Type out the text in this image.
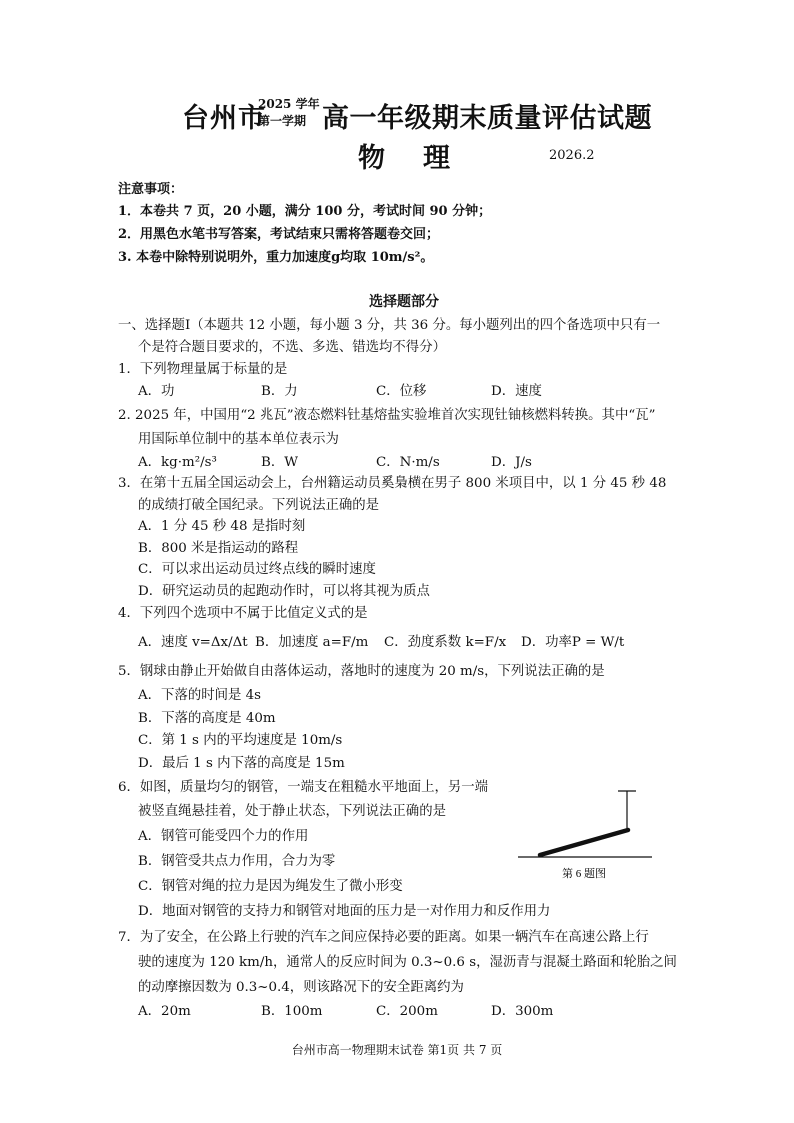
台州市
2025 学年
第一学期 高一年级期末质量评估试题
物理	2026.2
注意事项：
1．本卷共 7 页，20 小题，满分 100 分，考试时间 90 分钟；
2．用黑色水笔书写答案，考试结束只需将答题卷交回；
3. 本卷中除特别说明外，重力加速度g均取 10m/s²。
选择题部分
一、选择题Ⅰ（本题共 12 小题，每小题 3 分，共 36 分。每小题列出的四个备选项中只有一
个是符合题目要求的，不选、多选、错选均不得分）
1．下列物理量属于标量的是
A．功	B．力	C．位移	D．速度
2. 2025 年，中国用“2 兆瓦”液态燃料钍基熔盐实验堆首次实现钍铀核燃料转换。其中“瓦”
用国际单位制中的基本单位表示为
A．kg·m²/s³	B．W	C．N·m/s	D．J/s
3．在第十五届全国运动会上，台州籍运动员奚梟横在男子 800 米项目中，以 1 分 45 秒 48
的成绩打破全国纪录。下列说法正确的是
A．1 分 45 秒 48 是指时刻
B．800 米是指运动的路程
C．可以求出运动员过终点线的瞬时速度
D．研究运动员的起跑动作时，可以将其视为质点
4．下列四个选项中不属于比值定义式的是
A．速度 v=Δx/Δt B．加速度 a=F/m C．劲度系数 k=F/x D．功率P = W/t
5．钢球由静止开始做自由落体运动，落地时的速度为 20 m/s，下列说法正确的是
A．下落的时间是 4s
B．下落的高度是 40m
C．第 1 s 内的平均速度是 10m/s
D．最后 1 s 内下落的高度是 15m
6．如图，质量均匀的钢管，一端支在粗糙水平地面上，另一端
被竖直绳悬挂着，处于静止状态，下列说法正确的是
A．钢管可能受四个力的作用
B．钢管受共点力作用，合力为零
C．钢管对绳的拉力是因为绳发生了微小形变
D．地面对钢管的支持力和钢管对地面的压力是一对作用力和反作用力
第 6 题图
7．为了安全，在公路上行驶的汽车之间应保持必要的距离。如果一辆汽车在高速公路上行
驶的速度为 120 km/h，通常人的反应时间为 0.3~0.6 s，湿沥青与混凝土路面和轮胎之间
的动摩擦因数为 0.3~0.4，则该路况下的安全距离约为
A．20m	B．100m	C．200m	D．300m
台州市高一物理期末试卷 第1页 共 7 页
